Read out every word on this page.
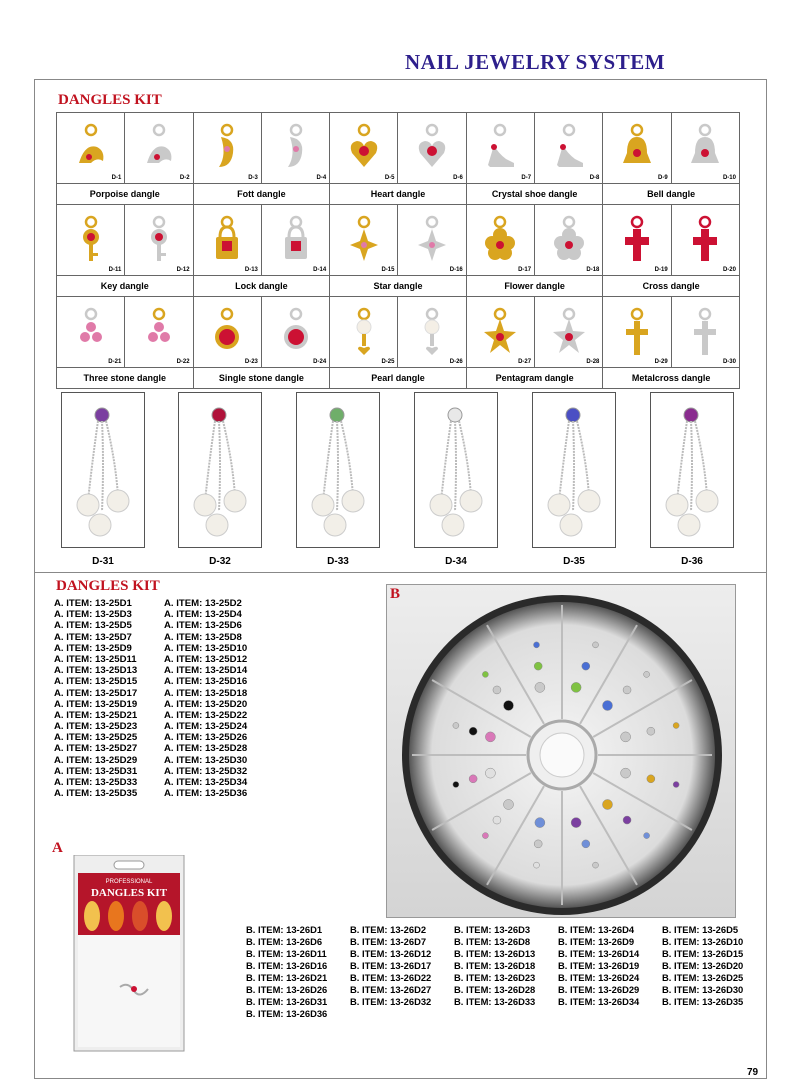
NAIL JEWELRY SYSTEM
DANGLES KIT
D-1	D-2
Porpoise dangle
D-3	D-4
Fott dangle
D-5	D-6
Heart dangle
D-7	D-8
Crystal shoe dangle
D-9	D-10
Bell dangle
D-11	D-12
Key dangle
D-13	D-14
Lock dangle
D-15	D-16
Star dangle
D-17	D-18
Flower dangle
D-19	D-20
Cross dangle
D-21	D-22
Three stone dangle
D-23	D-24
Single stone dangle
D-25	D-26
Pearl dangle
D-27	D-28
Pentagram dangle
D-29	D-30
Metalcross dangle
D-31	D-32	D-33	D-34	D-35	D-36
DANGLES KIT
A. ITEM: 13-25D1	A. ITEM: 13-25D2
A. ITEM: 13-25D3	A. ITEM: 13-25D4
A. ITEM: 13-25D5	A. ITEM: 13-25D6
A. ITEM: 13-25D7	A. ITEM: 13-25D8
A. ITEM: 13-25D9	A. ITEM: 13-25D10
A. ITEM: 13-25D11	A. ITEM: 13-25D12
A. ITEM: 13-25D13	A. ITEM: 13-25D14
A. ITEM: 13-25D15	A. ITEM: 13-25D16
A. ITEM: 13-25D17	A. ITEM: 13-25D18
A. ITEM: 13-25D19	A. ITEM: 13-25D20
A. ITEM: 13-25D21	A. ITEM: 13-25D22
A. ITEM: 13-25D23	A. ITEM: 13-25D24
A. ITEM: 13-25D25	A. ITEM: 13-25D26
A. ITEM: 13-25D27	A. ITEM: 13-25D28
A. ITEM: 13-25D29	A. ITEM: 13-25D30
A. ITEM: 13-25D31	A. ITEM: 13-25D32
A. ITEM: 13-25D33	A. ITEM: 13-25D34
A. ITEM: 13-25D35	A. ITEM: 13-25D36
B
A
PROFESSIONAL
DANGLES KIT
B. ITEM: 13-26D1	B. ITEM: 13-26D2	B. ITEM: 13-26D3	B. ITEM: 13-26D4	B. ITEM: 13-26D5
B. ITEM: 13-26D6	B. ITEM: 13-26D7	B. ITEM: 13-26D8	B. ITEM: 13-26D9	B. ITEM: 13-26D10
B. ITEM: 13-26D11	B. ITEM: 13-26D12	B. ITEM: 13-26D13	B. ITEM: 13-26D14	B. ITEM: 13-26D15
B. ITEM: 13-26D16	B. ITEM: 13-26D17	B. ITEM: 13-26D18	B. ITEM: 13-26D19	B. ITEM: 13-26D20
B. ITEM: 13-26D21	B. ITEM: 13-26D22	B. ITEM: 13-26D23	B. ITEM: 13-26D24	B. ITEM: 13-26D25
B. ITEM: 13-26D26	B. ITEM: 13-26D27	B. ITEM: 13-26D28	B. ITEM: 13-26D29	B. ITEM: 13-26D30
B. ITEM: 13-26D31	B. ITEM: 13-26D32	B. ITEM: 13-26D33	B. ITEM: 13-26D34	B. ITEM: 13-26D35
B. ITEM: 13-26D36
79
